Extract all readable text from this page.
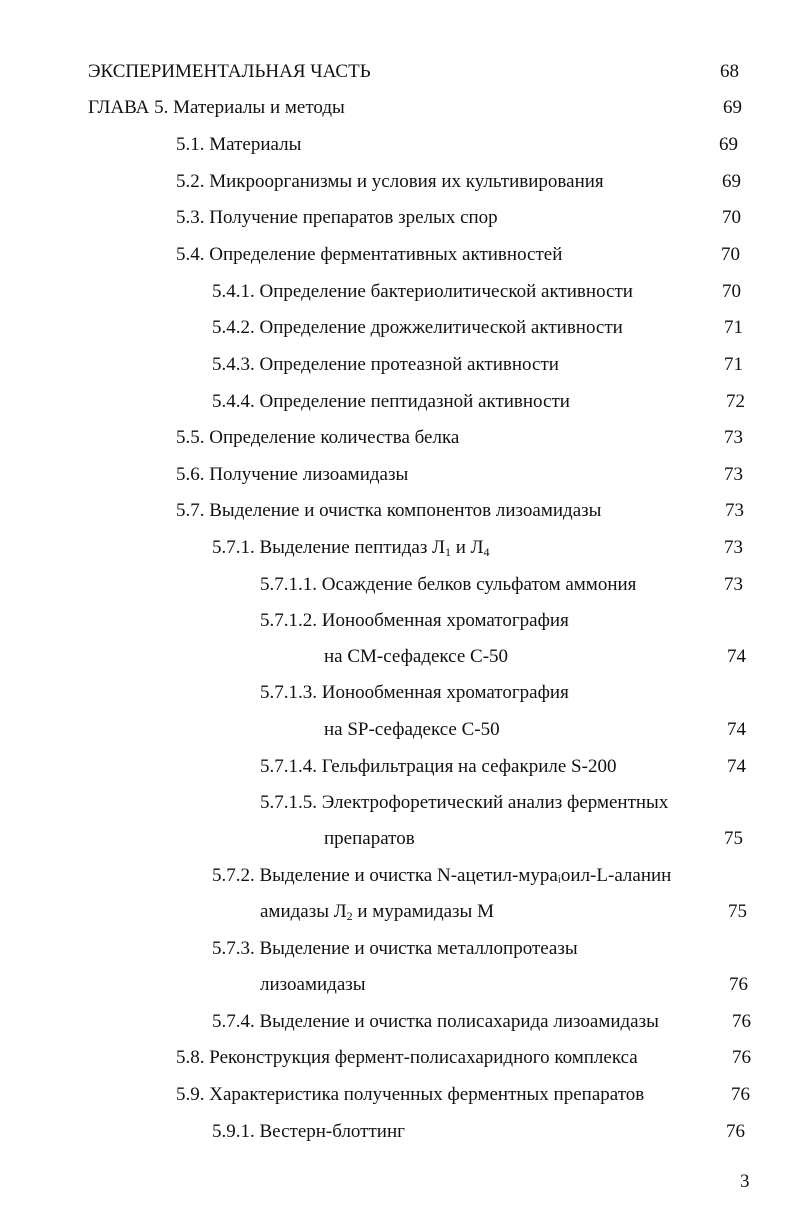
ЭКСПЕРИМЕНТАЛЬНАЯ ЧАСТЬ	68
ГЛАВА 5. Материалы и методы	69
5.1. Материалы	69
5.2. Микроорганизмы и условия их культивирования	69
5.3. Получение препаратов зрелых спор	70
5.4. Определение ферментативных активностей	70
5.4.1. Определение бактериолитической активности	70
5.4.2. Определение дрожжелитической активности	71
5.4.3. Определение протеазной активности	71
5.4.4. Определение пептидазной активности	72
5.5. Определение количества белка	73
5.6. Получение лизоамидазы	73
5.7. Выделение и очистка компонентов лизоамидазы	73
5.7.1. Выделение пептидаз $Л_1$ и $Л_4$	73
5.7.1.1. Осаждение белков сульфатом аммония	73
5.7.1.2. Ионообменная хроматография
на СМ-сефадексе С-50	74
5.7.1.3. Ионообменная хроматография
на SP-сефадексе С-50	74
5.7.1.4. Гельфильтрация на сефакриле S-200	74
5.7.1.5. Электрофоретический анализ ферментных
препаратов	75
5.7.2. Выделение и очистка N-ацетил-мураᵢоил-L-аланин
амидазы $Л_2$ и мурамидазы М	75
5.7.3. Выделение и очистка металлопротеазы
лизоамидазы	76
5.7.4. Выделение и очистка полисахарида лизоамидазы	76
5.8. Реконструкция фермент-полисахаридного комплекса	76
5.9. Характеристика полученных ферментных препаратов	76
5.9.1. Вестерн-блоттинг	76
3
